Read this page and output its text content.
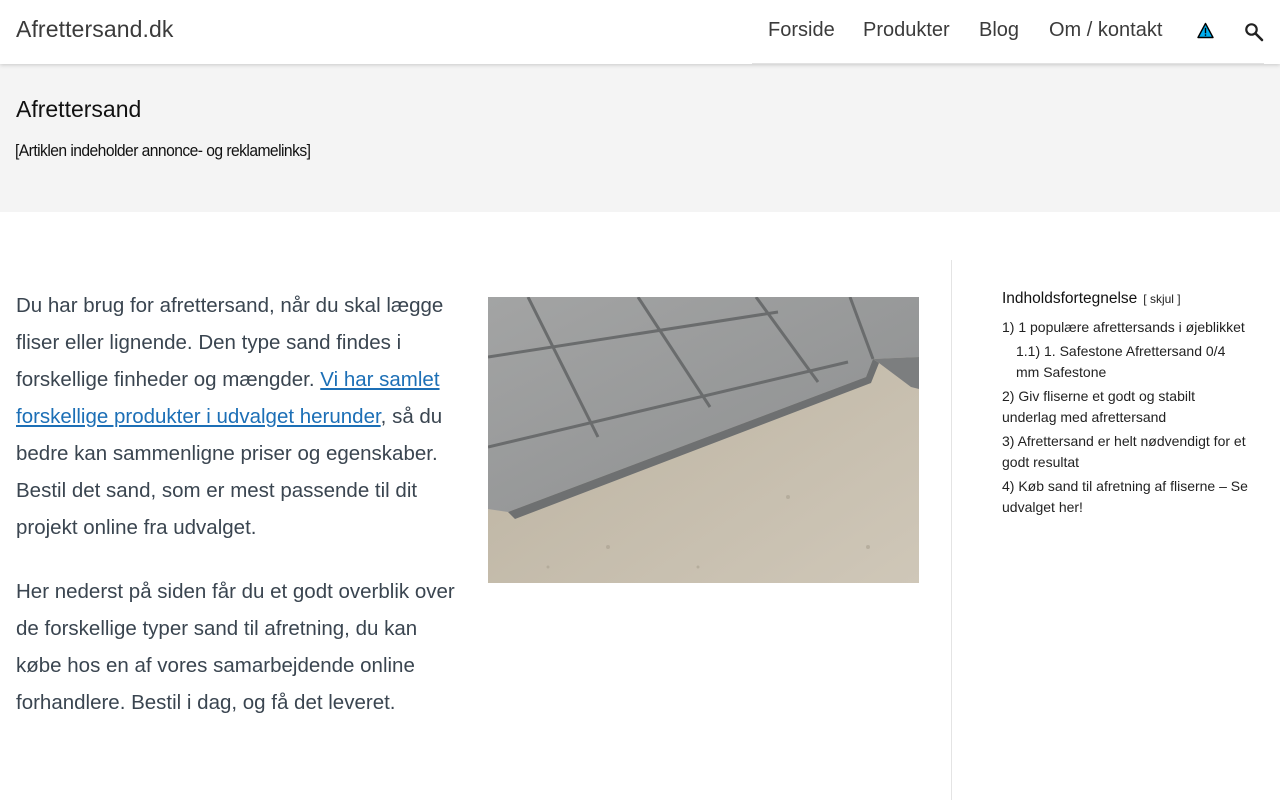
Afrettersand.dk	Forside Produkter Blog Om / kontakt
Afrettersand

[Artiklen indeholder annonce- og reklamelinks]

Du har brug for afrettersand, når du skal lægge fliser eller lignende. Den type sand findes i forskellige finheder og mængder. Vi har samlet forskellige produkter i udvalget herunder, så du bedre kan sammenligne priser og egenskaber. Bestil det sand, som er mest passende til dit projekt online fra udvalget.

Her nederst på siden får du et godt overblik over de forskellige typer sand til afretning, du kan købe hos en af vores samarbejdende online forhandlere. Bestil i dag, og få det leveret.

Indholdsfortegnelse [ skjul ]
1) 1 populære afrettersands i øjeblikket
1.1) 1. Safestone Afrettersand 0/4 mm Safestone
2) Giv fliserne et godt og stabilt underlag med afrettersand
3) Afrettersand er helt nødvendigt for et godt resultat
4) Køb sand til afretning af fliserne – Se udvalget her!
